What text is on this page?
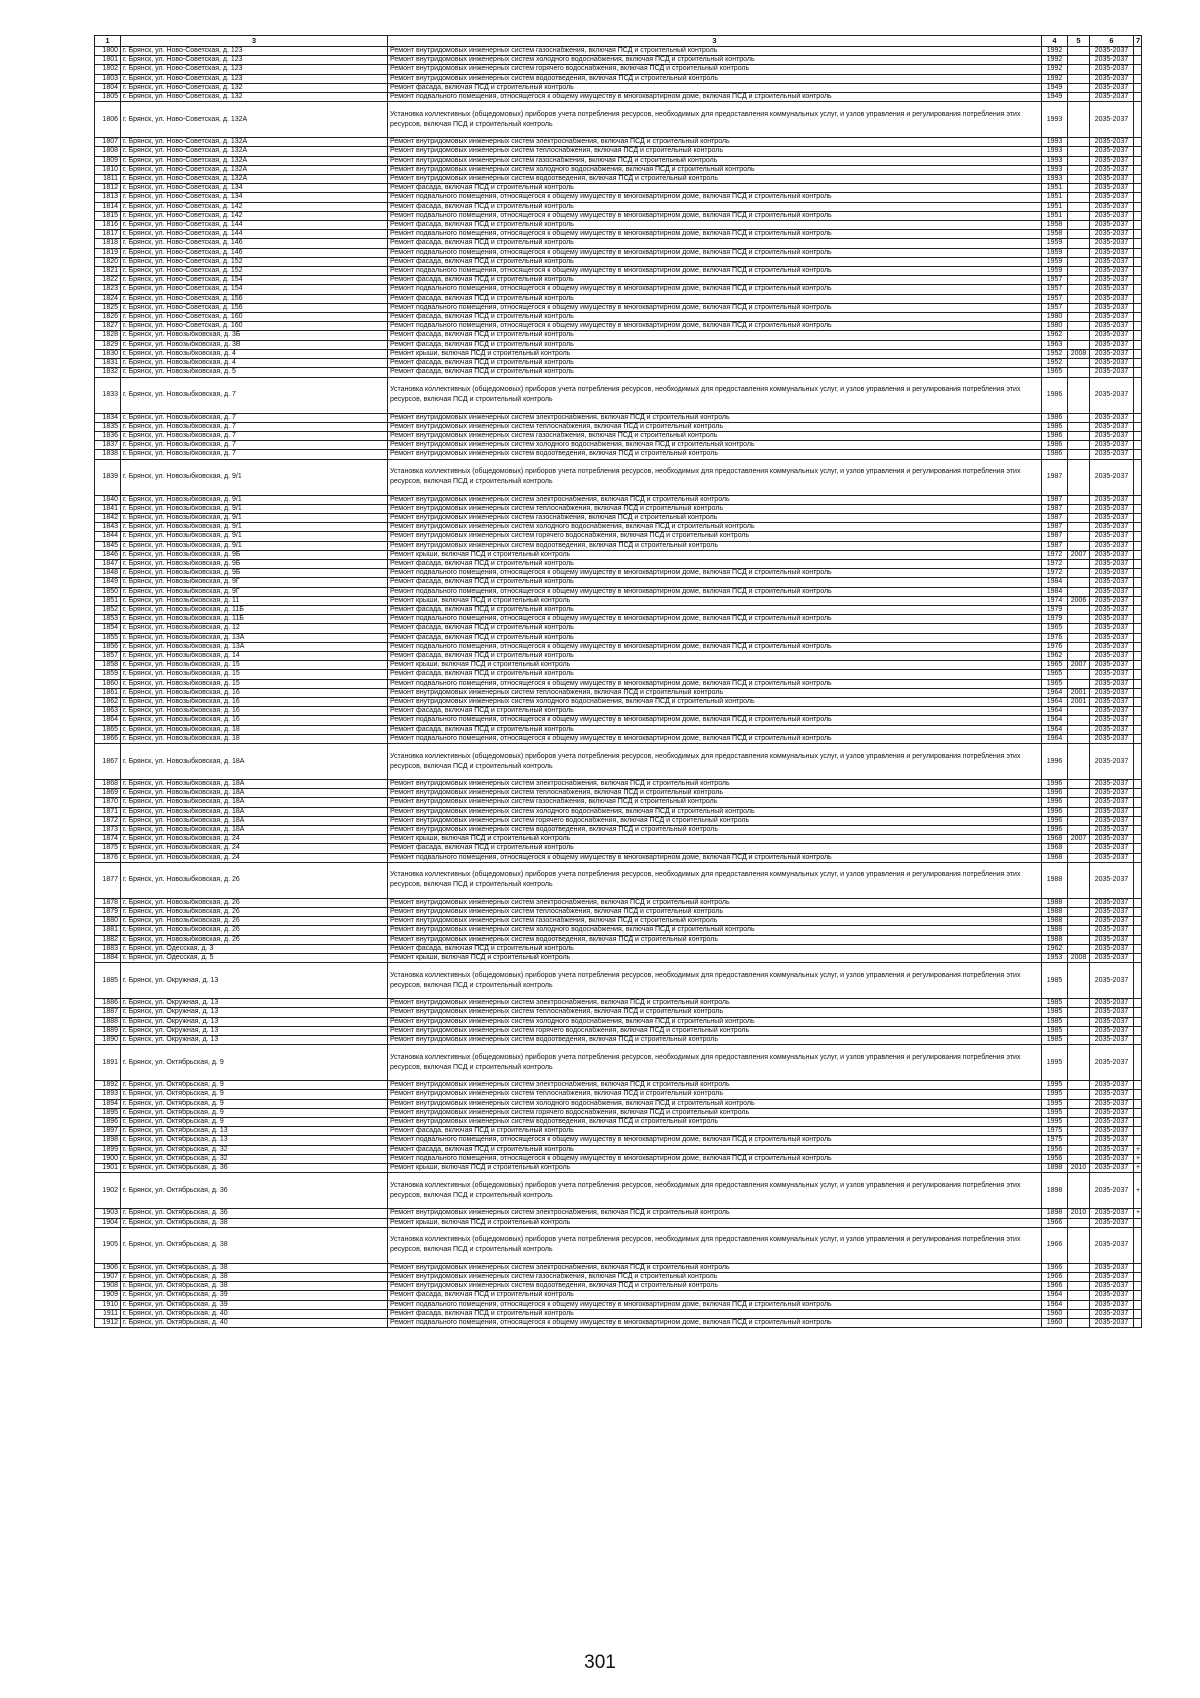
1	3	3	4	5	6	7
1800	г. Брянск, ул. Ново-Советская, д. 123	Ремонт внутридомовых инженерных систем газоснабжения, включая ПСД и строительный контроль	1992		2035-2037	
1801	г. Брянск, ул. Ново-Советская, д. 123	Ремонт внутридомовых инженерных систем холодного водоснабжения, включая ПСД и строительный контроль	1992		2035-2037	
1802	г. Брянск, ул. Ново-Советская, д. 123	Ремонт внутридомовых инженерных систем горячего водоснабжения, включая ПСД и строительный контроль	1992		2035-2037	
1803	г. Брянск, ул. Ново-Советская, д. 123	Ремонт внутридомовых инженерных систем водоотведения, включая ПСД и строительный контроль	1992		2035-2037	
1804	г. Брянск, ул. Ново-Советская, д. 132	Ремонт фасада, включая ПСД и строительный контроль	1949		2035-2037	
1805	г. Брянск, ул. Ново-Советская, д. 132	Ремонт подвального помещения, относящегося к общему имуществу в многоквартирном доме, включая ПСД и строительный контроль	1949		2035-2037	
1806	г. Брянск, ул. Ново-Советская, д. 132А	Установка коллективных (общедомовых) приборов учета потребления ресурсов, необходимых для предоставления коммунальных услуг, и узлов управления и регулирования потребления этих ресурсов, включая ПСД и строительный контроль	1993		2035-2037	
1807	г. Брянск, ул. Ново-Советская, д. 132А	Ремонт внутридомовых инженерных систем электроснабжения, включая ПСД и строительный контроль	1993		2035-2037	
1808	г. Брянск, ул. Ново-Советская, д. 132А	Ремонт внутридомовых инженерных систем теплоснабжения, включая ПСД и строительный контроль	1993		2035-2037	
1809	г. Брянск, ул. Ново-Советская, д. 132А	Ремонт внутридомовых инженерных систем газоснабжения, включая ПСД и строительный контроль	1993		2035-2037	
1810	г. Брянск, ул. Ново-Советская, д. 132А	Ремонт внутридомовых инженерных систем холодного водоснабжения, включая ПСД и строительный контроль	1993		2035-2037	
1811	г. Брянск, ул. Ново-Советская, д. 132А	Ремонт внутридомовых инженерных систем водоотведения, включая ПСД и строительный контроль	1993		2035-2037	
1812	г. Брянск, ул. Ново-Советская, д. 134	Ремонт фасада, включая ПСД и строительный контроль	1951		2035-2037	
1813	г. Брянск, ул. Ново-Советская, д. 134	Ремонт подвального помещения, относящегося к общему имуществу в многоквартирном доме, включая ПСД и строительный контроль	1951		2035-2037	
1814	г. Брянск, ул. Ново-Советская, д. 142	Ремонт фасада, включая ПСД и строительный контроль	1951		2035-2037	
1815	г. Брянск, ул. Ново-Советская, д. 142	Ремонт подвального помещения, относящегося к общему имуществу в многоквартирном доме, включая ПСД и строительный контроль	1951		2035-2037	
1816	г. Брянск, ул. Ново-Советская, д. 144	Ремонт фасада, включая ПСД и строительный контроль	1958		2035-2037	
1817	г. Брянск, ул. Ново-Советская, д. 144	Ремонт подвального помещения, относящегося к общему имуществу в многоквартирном доме, включая ПСД и строительный контроль	1958		2035-2037	
1818	г. Брянск, ул. Ново-Советская, д. 146	Ремонт фасада, включая ПСД и строительный контроль	1959		2035-2037	
1819	г. Брянск, ул. Ново-Советская, д. 146	Ремонт подвального помещения, относящегося к общему имуществу в многоквартирном доме, включая ПСД и строительный контроль	1959		2035-2037	
1820	г. Брянск, ул. Ново-Советская, д. 152	Ремонт фасада, включая ПСД и строительный контроль	1959		2035-2037	
1821	г. Брянск, ул. Ново-Советская, д. 152	Ремонт подвального помещения, относящегося к общему имуществу в многоквартирном доме, включая ПСД и строительный контроль	1959		2035-2037	
1822	г. Брянск, ул. Ново-Советская, д. 154	Ремонт фасада, включая ПСД и строительный контроль	1957		2035-2037	
1823	г. Брянск, ул. Ново-Советская, д. 154	Ремонт подвального помещения, относящегося к общему имуществу в многоквартирном доме, включая ПСД и строительный контроль	1957		2035-2037	
1824	г. Брянск, ул. Ново-Советская, д. 156	Ремонт фасада, включая ПСД и строительный контроль	1957		2035-2037	
1825	г. Брянск, ул. Ново-Советская, д. 156	Ремонт подвального помещения, относящегося к общему имуществу в многоквартирном доме, включая ПСД и строительный контроль	1957		2035-2037	
1826	г. Брянск, ул. Ново-Советская, д. 160	Ремонт фасада, включая ПСД и строительный контроль	1980		2035-2037	
1827	г. Брянск, ул. Ново-Советская, д. 160	Ремонт подвального помещения, относящегося к общему имуществу в многоквартирном доме, включая ПСД и строительный контроль	1980		2035-2037	
1828	г. Брянск, ул. Новозыбковская, д. 3Б	Ремонт фасада, включая ПСД и строительный контроль	1962		2035-2037	
1829	г. Брянск, ул. Новозыбковская, д. 3В	Ремонт фасада, включая ПСД и строительный контроль	1963		2035-2037	
1830	г. Брянск, ул. Новозыбковская, д. 4	Ремонт крыши, включая ПСД и строительный контроль	1952	2008	2035-2037	
1831	г. Брянск, ул. Новозыбковская, д. 4	Ремонт фасада, включая ПСД и строительный контроль	1952		2035-2037	
1832	г. Брянск, ул. Новозыбковская, д. 5	Ремонт фасада, включая ПСД и строительный контроль	1965		2035-2037	
1833	г. Брянск, ул. Новозыбковская, д. 7	Установка коллективных (общедомовых) приборов учета потребления ресурсов, необходимых для предоставления коммунальных услуг, и узлов управления и регулирования потребления этих ресурсов, включая ПСД и строительный контроль	1986		2035-2037	
1834	г. Брянск, ул. Новозыбковская, д. 7	Ремонт внутридомовых инженерных систем электроснабжения, включая ПСД и строительный контроль	1986		2035-2037	
1835	г. Брянск, ул. Новозыбковская, д. 7	Ремонт внутридомовых инженерных систем теплоснабжения, включая ПСД и строительный контроль	1986		2035-2037	
1836	г. Брянск, ул. Новозыбковская, д. 7	Ремонт внутридомовых инженерных систем газоснабжения, включая ПСД и строительный контроль	1986		2035-2037	
1837	г. Брянск, ул. Новозыбковская, д. 7	Ремонт внутридомовых инженерных систем холодного водоснабжения, включая ПСД и строительный контроль	1986		2035-2037	
1838	г. Брянск, ул. Новозыбковская, д. 7	Ремонт внутридомовых инженерных систем водоотведения, включая ПСД и строительный контроль	1986		2035-2037	
1839	г. Брянск, ул. Новозыбковская, д. 9/1	Установка коллективных (общедомовых) приборов учета потребления ресурсов, необходимых для предоставления коммунальных услуг, и узлов управления и регулирования потребления этих ресурсов, включая ПСД и строительный контроль	1987		2035-2037	
1840	г. Брянск, ул. Новозыбковская, д. 9/1	Ремонт внутридомовых инженерных систем электроснабжения, включая ПСД и строительный контроль	1987		2035-2037	
1841	г. Брянск, ул. Новозыбковская, д. 9/1	Ремонт внутридомовых инженерных систем теплоснабжения, включая ПСД и строительный контроль	1987		2035-2037	
1842	г. Брянск, ул. Новозыбковская, д. 9/1	Ремонт внутридомовых инженерных систем газоснабжения, включая ПСД и строительный контроль	1987		2035-2037	
1843	г. Брянск, ул. Новозыбковская, д. 9/1	Ремонт внутридомовых инженерных систем холодного водоснабжения, включая ПСД и строительный контроль	1987		2035-2037	
1844	г. Брянск, ул. Новозыбковская, д. 9/1	Ремонт внутридомовых инженерных систем горячего водоснабжения, включая ПСД и строительный контроль	1987		2035-2037	
1845	г. Брянск, ул. Новозыбковская, д. 9/1	Ремонт внутридомовых инженерных систем водоотведения, включая ПСД и строительный контроль	1987		2035-2037	
1846	г. Брянск, ул. Новозыбковская, д. 9Б	Ремонт крыши, включая ПСД и строительный контроль	1972	2007	2035-2037	
1847	г. Брянск, ул. Новозыбковская, д. 9Б	Ремонт фасада, включая ПСД и строительный контроль	1972		2035-2037	
1848	г. Брянск, ул. Новозыбковская, д. 9Б	Ремонт подвального помещения, относящегося к общему имуществу в многоквартирном доме, включая ПСД и строительный контроль	1972		2035-2037	
1849	г. Брянск, ул. Новозыбковская, д. 9Г	Ремонт фасада, включая ПСД и строительный контроль	1984		2035-2037	
1850	г. Брянск, ул. Новозыбковская, д. 9Г	Ремонт подвального помещения, относящегося к общему имуществу в многоквартирном доме, включая ПСД и строительный контроль	1984		2035-2037	
1851	г. Брянск, ул. Новозыбковская, д. 11	Ремонт крыши, включая ПСД и строительный контроль	1974	2006	2035-2037	
1852	г. Брянск, ул. Новозыбковская, д. 11Б	Ремонт фасада, включая ПСД и строительный контроль	1979		2035-2037	
1853	г. Брянск, ул. Новозыбковская, д. 11Б	Ремонт подвального помещения, относящегося к общему имуществу в многоквартирном доме, включая ПСД и строительный контроль	1979		2035-2037	
1854	г. Брянск, ул. Новозыбковская, д. 12	Ремонт фасада, включая ПСД и строительный контроль	1965		2035-2037	
1855	г. Брянск, ул. Новозыбковская, д. 13А	Ремонт фасада, включая ПСД и строительный контроль	1976		2035-2037	
1856	г. Брянск, ул. Новозыбковская, д. 13А	Ремонт подвального помещения, относящегося к общему имуществу в многоквартирном доме, включая ПСД и строительный контроль	1976		2035-2037	
1857	г. Брянск, ул. Новозыбковская, д. 14	Ремонт фасада, включая ПСД и строительный контроль	1962		2035-2037	
1858	г. Брянск, ул. Новозыбковская, д. 15	Ремонт крыши, включая ПСД и строительный контроль	1965	2007	2035-2037	
1859	г. Брянск, ул. Новозыбковская, д. 15	Ремонт фасада, включая ПСД и строительный контроль	1965		2035-2037	
1860	г. Брянск, ул. Новозыбковская, д. 15	Ремонт подвального помещения, относящегося к общему имуществу в многоквартирном доме, включая ПСД и строительный контроль	1965		2035-2037	
1861	г. Брянск, ул. Новозыбковская, д. 16	Ремонт внутридомовых инженерных систем теплоснабжения, включая ПСД и строительный контроль	1964	2001	2035-2037	
1862	г. Брянск, ул. Новозыбковская, д. 16	Ремонт внутридомовых инженерных систем холодного водоснабжения, включая ПСД и строительный контроль	1964	2001	2035-2037	
1863	г. Брянск, ул. Новозыбковская, д. 16	Ремонт фасада, включая ПСД и строительный контроль	1964		2035-2037	
1864	г. Брянск, ул. Новозыбковская, д. 16	Ремонт подвального помещения, относящегося к общему имуществу в многоквартирном доме, включая ПСД и строительный контроль	1964		2035-2037	
1865	г. Брянск, ул. Новозыбковская, д. 18	Ремонт фасада, включая ПСД и строительный контроль	1964		2035-2037	
1866	г. Брянск, ул. Новозыбковская, д. 18	Ремонт подвального помещения, относящегося к общему имуществу в многоквартирном доме, включая ПСД и строительный контроль	1964		2035-2037	
1867	г. Брянск, ул. Новозыбковская, д. 18А	Установка коллективных (общедомовых) приборов учета потребления ресурсов, необходимых для предоставления коммунальных услуг, и узлов управления и регулирования потребления этих ресурсов, включая ПСД и строительный контроль	1996		2035-2037	
1868	г. Брянск, ул. Новозыбковская, д. 18А	Ремонт внутридомовых инженерных систем электроснабжения, включая ПСД и строительный контроль	1996		2035-2037	
1869	г. Брянск, ул. Новозыбковская, д. 18А	Ремонт внутридомовых инженерных систем теплоснабжения, включая ПСД и строительный контроль	1996		2035-2037	
1870	г. Брянск, ул. Новозыбковская, д. 18А	Ремонт внутридомовых инженерных систем газоснабжения, включая ПСД и строительный контроль	1996		2035-2037	
1871	г. Брянск, ул. Новозыбковская, д. 18А	Ремонт внутридомовых инженерных систем холодного водоснабжения, включая ПСД и строительный контроль	1996		2035-2037	
1872	г. Брянск, ул. Новозыбковская, д. 18А	Ремонт внутридомовых инженерных систем горячего водоснабжения, включая ПСД и строительный контроль	1996		2035-2037	
1873	г. Брянск, ул. Новозыбковская, д. 18А	Ремонт внутридомовых инженерных систем водоотведения, включая ПСД и строительный контроль	1996		2035-2037	
1874	г. Брянск, ул. Новозыбковская, д. 24	Ремонт крыши, включая ПСД и строительный контроль	1968	2007	2035-2037	
1875	г. Брянск, ул. Новозыбковская, д. 24	Ремонт фасада, включая ПСД и строительный контроль	1968		2035-2037	
1876	г. Брянск, ул. Новозыбковская, д. 24	Ремонт подвального помещения, относящегося к общему имуществу в многоквартирном доме, включая ПСД и строительный контроль	1968		2035-2037	
1877	г. Брянск, ул. Новозыбковская, д. 26	Установка коллективных (общедомовых) приборов учета потребления ресурсов, необходимых для предоставления коммунальных услуг, и узлов управления и регулирования потребления этих ресурсов, включая ПСД и строительный контроль	1988		2035-2037	
1878	г. Брянск, ул. Новозыбковская, д. 26	Ремонт внутридомовых инженерных систем электроснабжения, включая ПСД и строительный контроль	1988		2035-2037	
1879	г. Брянск, ул. Новозыбковская, д. 26	Ремонт внутридомовых инженерных систем теплоснабжения, включая ПСД и строительный контроль	1988		2035-2037	
1880	г. Брянск, ул. Новозыбковская, д. 26	Ремонт внутридомовых инженерных систем газоснабжения, включая ПСД и строительный контроль	1988		2035-2037	
1881	г. Брянск, ул. Новозыбковская, д. 26	Ремонт внутридомовых инженерных систем холодного водоснабжения, включая ПСД и строительный контроль	1988		2035-2037	
1882	г. Брянск, ул. Новозыбковская, д. 26	Ремонт внутридомовых инженерных систем водоотведения, включая ПСД и строительный контроль	1988		2035-2037	
1883	г. Брянск, ул. Одесская, д. 3	Ремонт фасада, включая ПСД и строительный контроль	1962		2035-2037	
1884	г. Брянск, ул. Одесская, д. 5	Ремонт крыши, включая ПСД и строительный контроль	1953	2008	2035-2037	
1885	г. Брянск, ул. Окружная, д. 13	Установка коллективных (общедомовых) приборов учета потребления ресурсов, необходимых для предоставления коммунальных услуг, и узлов управления и регулирования потребления этих ресурсов, включая ПСД и строительный контроль	1985		2035-2037	
1886	г. Брянск, ул. Окружная, д. 13	Ремонт внутридомовых инженерных систем электроснабжения, включая ПСД и строительный контроль	1985		2035-2037	
1887	г. Брянск, ул. Окружная, д. 13	Ремонт внутридомовых инженерных систем теплоснабжения, включая ПСД и строительный контроль	1985		2035-2037	
1888	г. Брянск, ул. Окружная, д. 13	Ремонт внутридомовых инженерных систем холодного водоснабжения, включая ПСД и строительный контроль	1985		2035-2037	
1889	г. Брянск, ул. Окружная, д. 13	Ремонт внутридомовых инженерных систем горячего водоснабжения, включая ПСД и строительный контроль	1985		2035-2037	
1890	г. Брянск, ул. Окружная, д. 13	Ремонт внутридомовых инженерных систем водоотведения, включая ПСД и строительный контроль	1985		2035-2037	
1891	г. Брянск, ул. Октябрьская, д. 9	Установка коллективных (общедомовых) приборов учета потребления ресурсов, необходимых для предоставления коммунальных услуг, и узлов управления и регулирования потребления этих ресурсов, включая ПСД и строительный контроль	1995		2035-2037	
1892	г. Брянск, ул. Октябрьская, д. 9	Ремонт внутридомовых инженерных систем электроснабжения, включая ПСД и строительный контроль	1995		2035-2037	
1893	г. Брянск, ул. Октябрьская, д. 9	Ремонт внутридомовых инженерных систем теплоснабжения, включая ПСД и строительный контроль	1995		2035-2037	
1894	г. Брянск, ул. Октябрьская, д. 9	Ремонт внутридомовых инженерных систем холодного водоснабжения, включая ПСД и строительный контроль	1995		2035-2037	
1895	г. Брянск, ул. Октябрьская, д. 9	Ремонт внутридомовых инженерных систем горячего водоснабжения, включая ПСД и строительный контроль	1995		2035-2037	
1896	г. Брянск, ул. Октябрьская, д. 9	Ремонт внутридомовых инженерных систем водоотведения, включая ПСД и строительный контроль	1995		2035-2037	
1897	г. Брянск, ул. Октябрьская, д. 13	Ремонт фасада, включая ПСД и строительный контроль	1975		2035-2037	
1898	г. Брянск, ул. Октябрьская, д. 13	Ремонт подвального помещения, относящегося к общему имуществу в многоквартирном доме, включая ПСД и строительный контроль	1975		2035-2037	
1899	г. Брянск, ул. Октябрьская, д. 32	Ремонт фасада, включая ПСД и строительный контроль	1956		2035-2037	+
1900	г. Брянск, ул. Октябрьская, д. 32	Ремонт подвального помещения, относящегося к общему имуществу в многоквартирном доме, включая ПСД и строительный контроль	1956		2035-2037	+
1901	г. Брянск, ул. Октябрьская, д. 36	Ремонт крыши, включая ПСД и строительный контроль	1898	2010	2035-2037	+
1902	г. Брянск, ул. Октябрьская, д. 36	Установка коллективных (общедомовых) приборов учета потребления ресурсов, необходимых для предоставления коммунальных услуг, и узлов управления и регулирования потребления этих ресурсов, включая ПСД и строительный контроль	1898		2035-2037	+
1903	г. Брянск, ул. Октябрьская, д. 36	Ремонт внутридомовых инженерных систем электроснабжения, включая ПСД и строительный контроль	1898	2010	2035-2037	+
1904	г. Брянск, ул. Октябрьская, д. 38	Ремонт крыши, включая ПСД и строительный контроль	1966		2035-2037	
1905	г. Брянск, ул. Октябрьская, д. 38	Установка коллективных (общедомовых) приборов учета потребления ресурсов, необходимых для предоставления коммунальных услуг, и узлов управления и регулирования потребления этих ресурсов, включая ПСД и строительный контроль	1966		2035-2037	
1906	г. Брянск, ул. Октябрьская, д. 38	Ремонт внутридомовых инженерных систем электроснабжения, включая ПСД и строительный контроль	1966		2035-2037	
1907	г. Брянск, ул. Октябрьская, д. 38	Ремонт внутридомовых инженерных систем газоснабжения, включая ПСД и строительный контроль	1966		2035-2037	
1908	г. Брянск, ул. Октябрьская, д. 38	Ремонт внутридомовых инженерных систем водоотведения, включая ПСД и строительный контроль	1966		2035-2037	
1909	г. Брянск, ул. Октябрьская, д. 39	Ремонт фасада, включая ПСД и строительный контроль	1964		2035-2037	
1910	г. Брянск, ул. Октябрьская, д. 39	Ремонт подвального помещения, относящегося к общему имуществу в многоквартирном доме, включая ПСД и строительный контроль	1964		2035-2037	
1911	г. Брянск, ул. Октябрьская, д. 40	Ремонт фасада, включая ПСД и строительный контроль	1960		2035-2037	
1912	г. Брянск, ул. Октябрьская, д. 40	Ремонт подвального помещения, относящегося к общему имуществу в многоквартирном доме, включая ПСД и строительный контроль	1960		2035-2037	
301
